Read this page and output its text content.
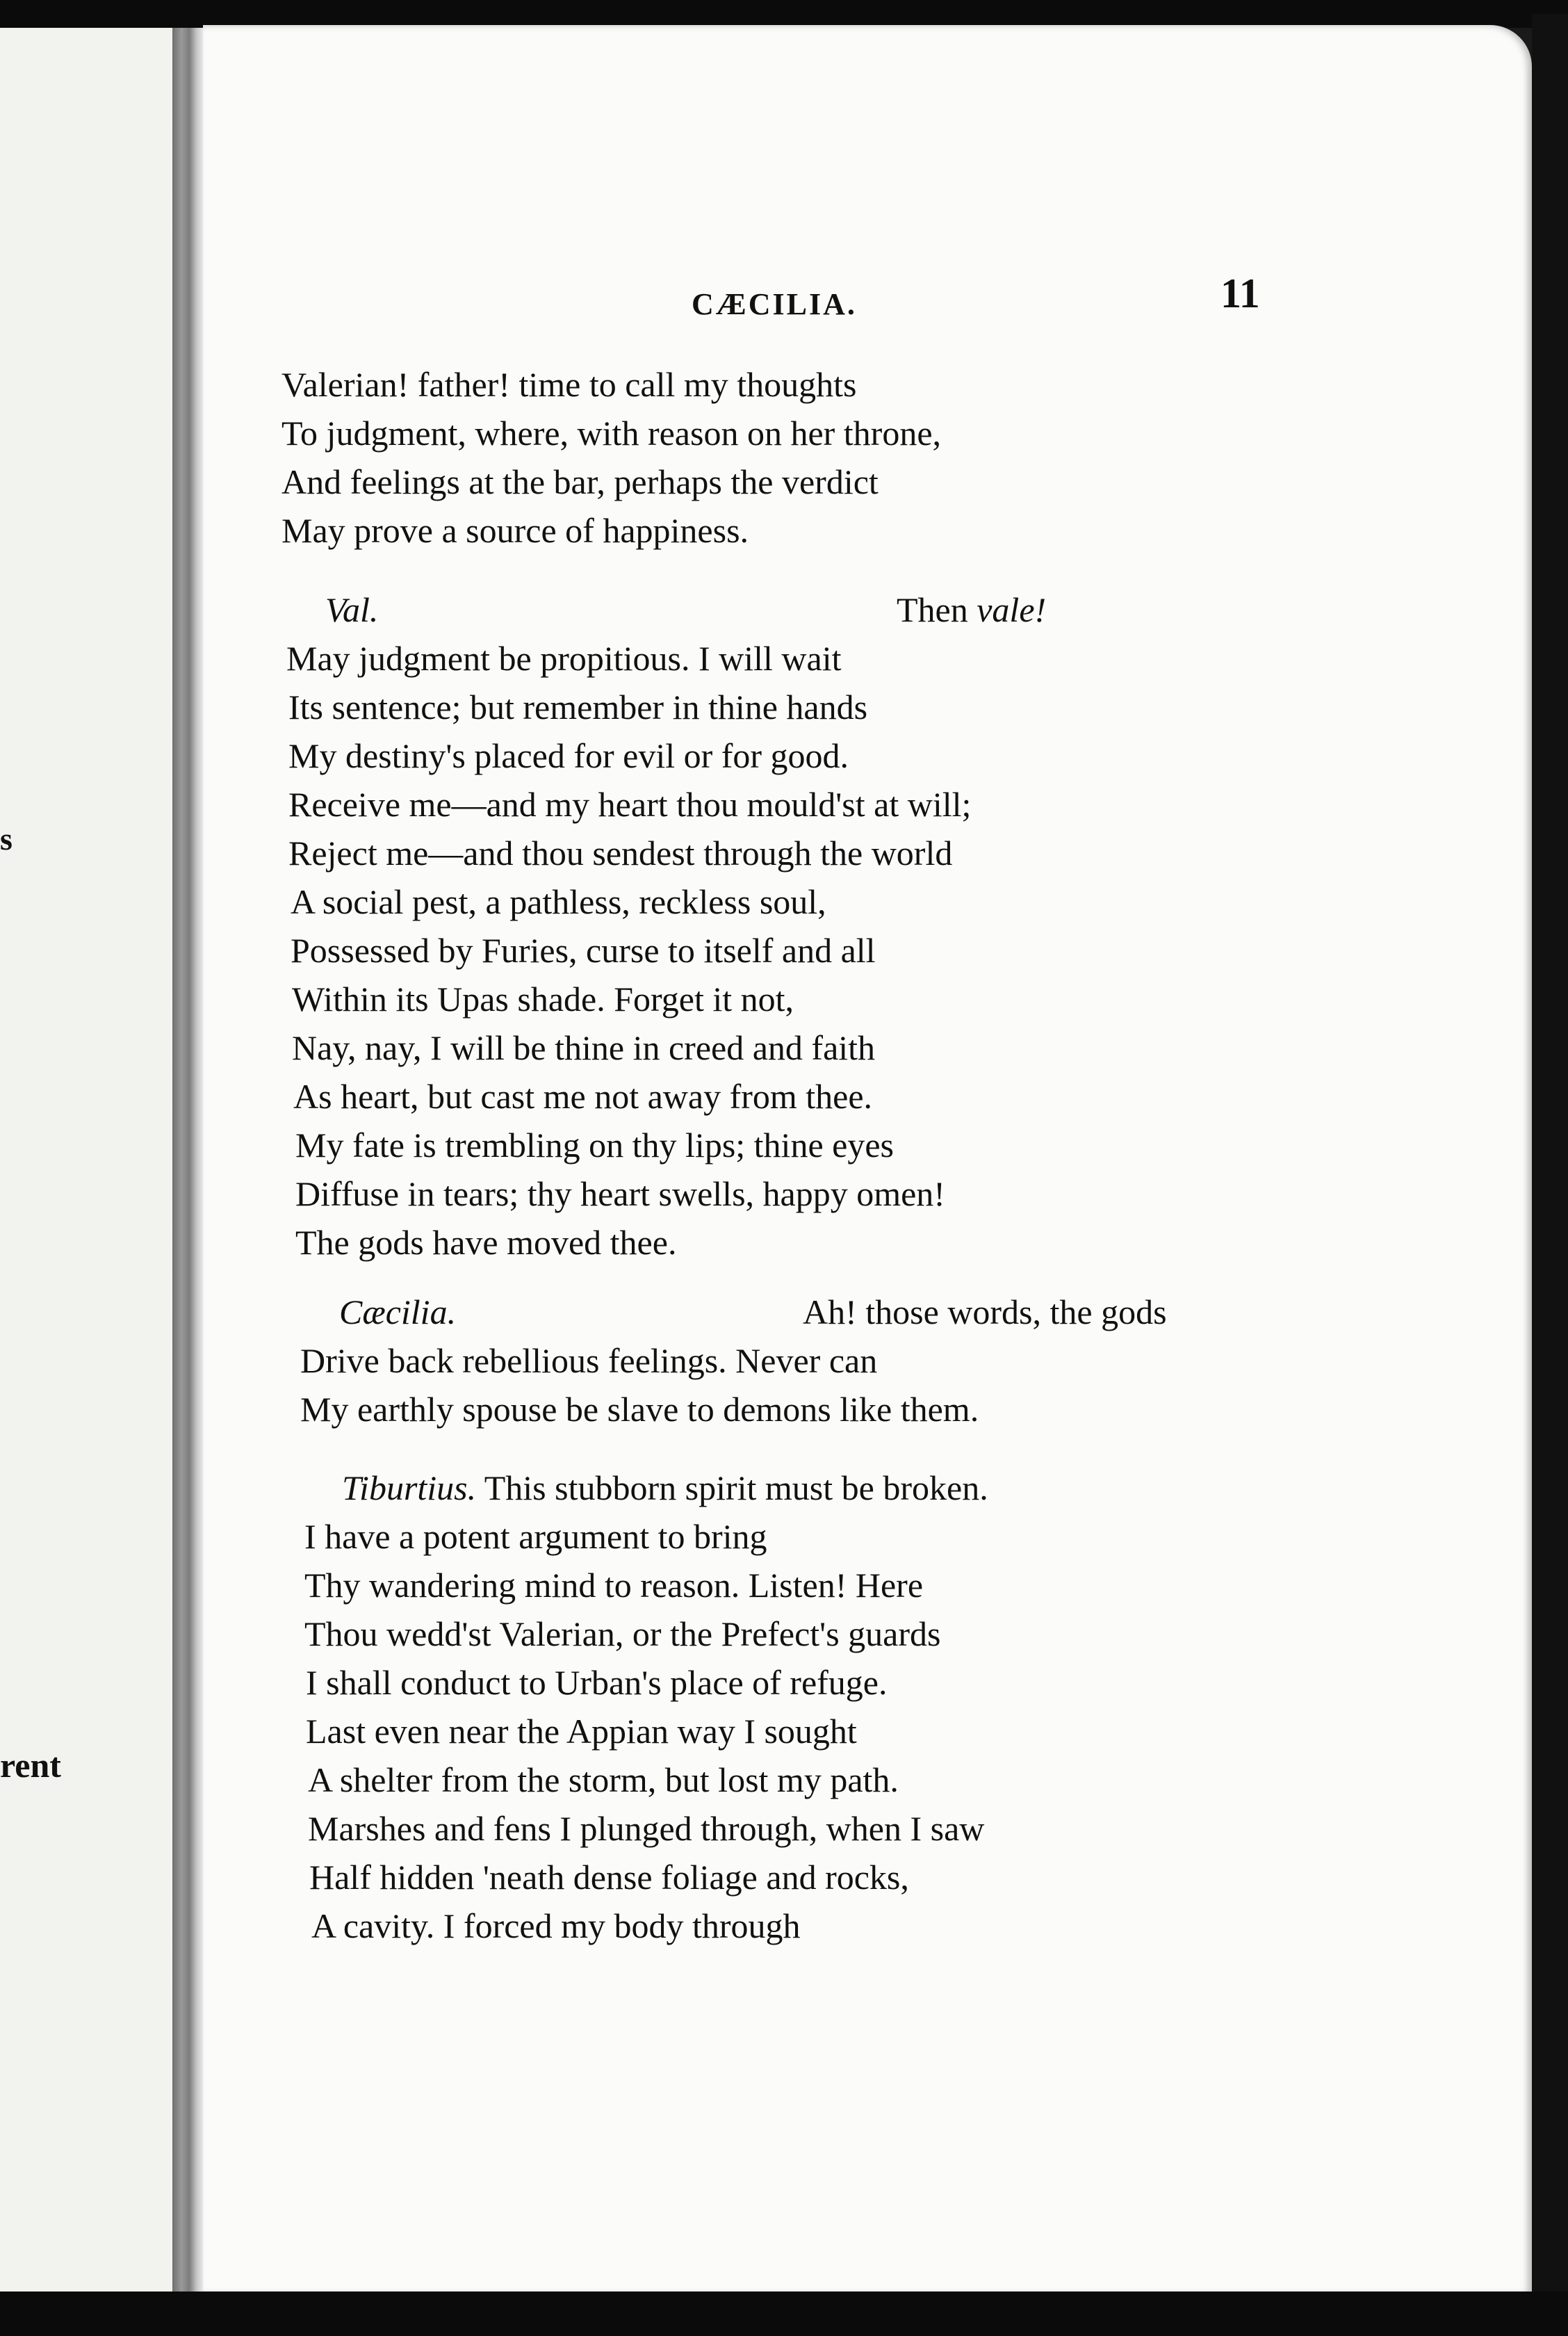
s
rent
CÆCILIA.	11
Valerian! father! time to call my thoughts
To judgment, where, with reason on her throne,
And feelings at the bar, perhaps the verdict
May prove a source of happiness.
Val.	Then vale!
May judgment be propitious. I will wait
Its sentence; but remember in thine hands
My destiny's placed for evil or for good.
Receive me—and my heart thou mould'st at will;
Reject me—and thou sendest through the world
A social pest, a pathless, reckless soul,
Possessed by Furies, curse to itself and all
Within its Upas shade. Forget it not,
Nay, nay, I will be thine in creed and faith
As heart, but cast me not away from thee.
My fate is trembling on thy lips; thine eyes
Diffuse in tears; thy heart swells, happy omen!
The gods have moved thee.
Cæcilia.	Ah! those words, the gods
Drive back rebellious feelings. Never can
My earthly spouse be slave to demons like them.
Tiburtius. This stubborn spirit must be broken.
I have a potent argument to bring
Thy wandering mind to reason. Listen! Here
Thou wedd'st Valerian, or the Prefect's guards
I shall conduct to Urban's place of refuge.
Last even near the Appian way I sought
A shelter from the storm, but lost my path.
Marshes and fens I plunged through, when I saw
Half hidden 'neath dense foliage and rocks,
A cavity. I forced my body through
